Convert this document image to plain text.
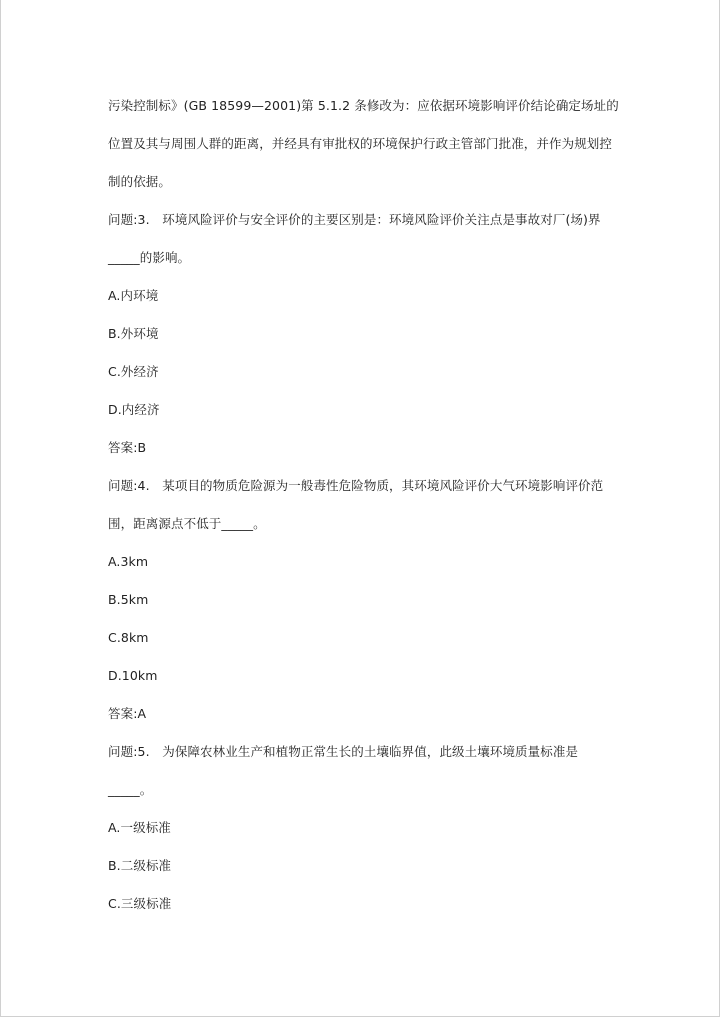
污染控制标》(GB 18599—2001)第 5.1.2 条修改为：应依据环境影响评价结论确定场址的
位置及其与周围人群的距离，并经具有审批权的环境保护行政主管部门批准，并作为规划控
制的依据。
问题:3.　环境风险评价与安全评价的主要区别是：环境风险评价关注点是事故对厂(场)界
_____的影响。
A.内环境
B.外环境
C.外经济
D.内经济
答案:B
问题:4.　某项目的物质危险源为一般毒性危险物质，其环境风险评价大气环境影响评价范
围，距离源点不低于_____。
A.3km
B.5km
C.8km
D.10km
答案:A
问题:5.　为保障农林业生产和植物正常生长的土壤临界值，此级土壤环境质量标准是
_____。
A.一级标准
B.二级标准
C.三级标准
